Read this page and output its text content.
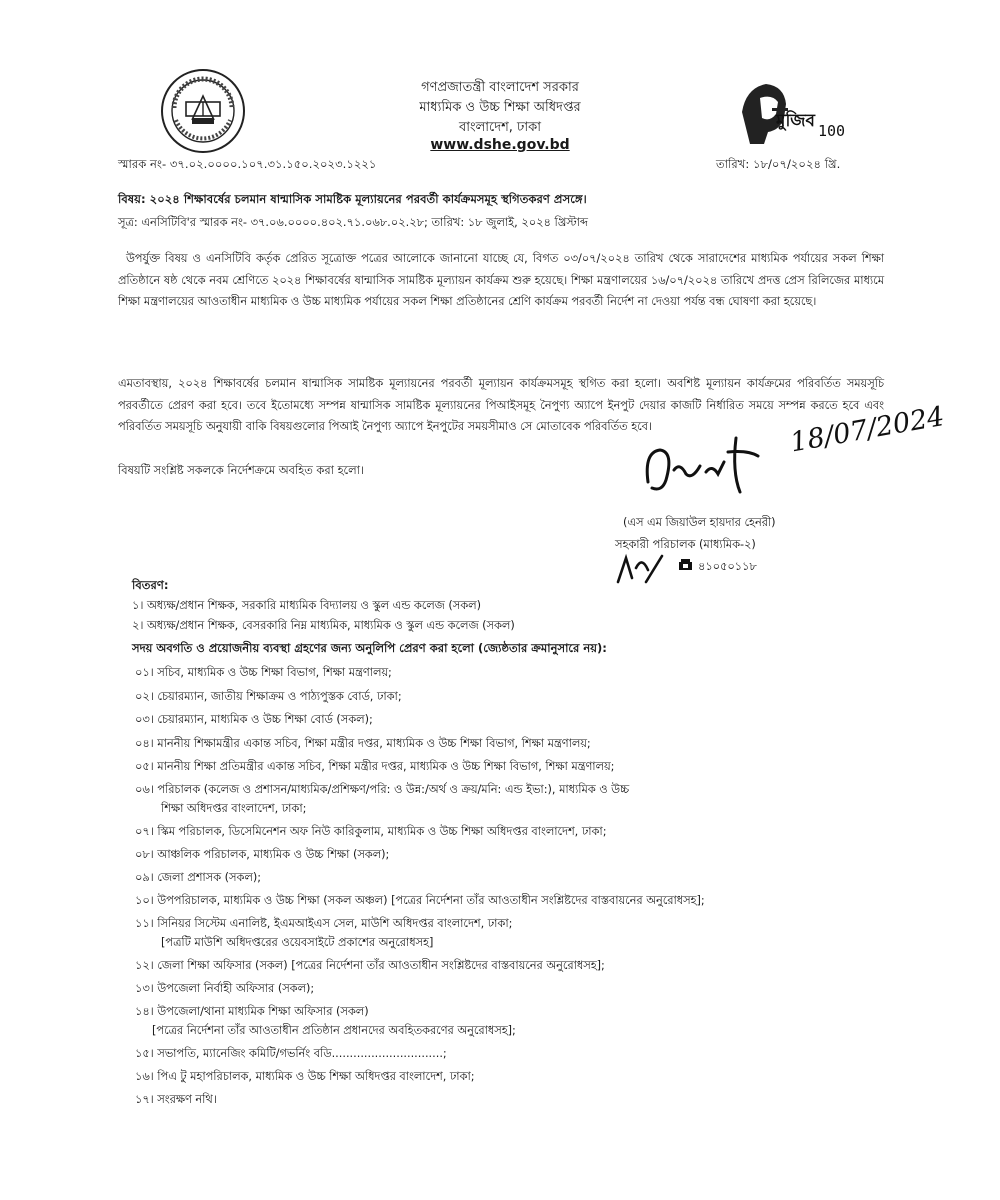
গণপ্রজাতন্ত্রী বাংলাদেশ সরকার
মাধ্যমিক ও উচ্চ শিক্ষা অধিদপ্তর
বাংলাদেশ, ঢাকা
www.dshe.gov.bd
মুজিব 100
স্মারক নং- ৩৭.০২.০০০০.১০৭.৩১.১৫০.২০২৩.১২২১	তারিখ: ১৮/০৭/২০২৪ খ্রি.
বিষয়: ২০২৪ শিক্ষাবর্ষের চলমান ষান্মাসিক সামষ্টিক মূল্যায়নের পরবর্তী কার্যক্রমসমূহ স্থগিতকরণ প্রসঙ্গে।
সূত্র: এনসিটিবি'র স্মারক নং- ৩৭.০৬.০০০০.৪০২.৭১.০৬৮.০২.২৮; তারিখ: ১৮ জুলাই, ২০২৪ খ্রিস্টাব্দ
উপর্যুক্ত বিষয় ও এনসিটিবি কর্তৃক প্রেরিত সূত্রোক্ত পত্রের আলোকে জানানো যাচ্ছে যে, বিগত ০৩/০৭/২০২৪ তারিখ থেকে সারাদেশের মাধ্যমিক পর্যায়ের সকল শিক্ষা প্রতিষ্ঠানে ষষ্ঠ থেকে নবম শ্রেণিতে ২০২৪ শিক্ষাবর্ষের ষান্মাসিক সামষ্টিক মূল্যায়ন কার্যক্রম শুরু হয়েছে। শিক্ষা মন্ত্রণালয়ের ১৬/০৭/২০২৪ তারিখে প্রদত্ত প্রেস রিলিজের মাধ্যমে শিক্ষা মন্ত্রণালয়ের আওতাধীন মাধ্যমিক ও উচ্চ মাধ্যমিক পর্যায়ের সকল শিক্ষা প্রতিষ্ঠানের শ্রেণি কার্যক্রম পরবর্তী নির্দেশ না দেওয়া পর্যন্ত বন্ধ ঘোষণা করা হয়েছে।
এমতাবস্থায়, ২০২৪ শিক্ষাবর্ষের চলমান ষান্মাসিক সামষ্টিক মূল্যায়নের পরবর্তী মূল্যায়ন কার্যক্রমসমূহ স্থগিত করা হলো। অবশিষ্ট মূল্যায়ন কার্যক্রমের পরিবর্তিত সময়সূচি পরবর্তীতে প্রেরণ করা হবে। তবে ইতোমধ্যে সম্পন্ন ষান্মাসিক সামষ্টিক মূল্যায়নের পিআইসমূহ নৈপুণ্য অ্যাপে ইনপুট দেয়ার কাজটি নির্ধারিত সময়ে সম্পন্ন করতে হবে এবং পরিবর্তিত সময়সূচি অনুযায়ী বাকি বিষয়গুলোর পিআই নৈপুণ্য অ্যাপে ইনপুটের সময়সীমাও সে মোতাবেক পরিবর্তিত হবে।
বিষয়টি সংশ্লিষ্ট সকলকে নির্দেশক্রমে অবহিত করা হলো।
18/07/2024
(এস এম জিয়াউল হায়দার হেনরী)
সহকারী পরিচালক (মাধ্যমিক-২)
৪১০৫০১১৮
বিতরণ:
১। অধ্যক্ষ/প্রধান শিক্ষক, সরকারি মাধ্যমিক বিদ্যালয় ও স্কুল এন্ড কলেজ (সকল)
২। অধ্যক্ষ/প্রধান শিক্ষক, বেসরকারি নিম্ন মাধ্যমিক, মাধ্যমিক ও স্কুল এন্ড কলেজ (সকল)
সদয় অবগতি ও প্রয়োজনীয় ব্যবস্থা গ্রহণের জন্য অনুলিপি প্রেরণ করা হলো (জ্যেষ্ঠতার ক্রমানুসারে নয়):
০১। সচিব, মাধ্যমিক ও উচ্চ শিক্ষা বিভাগ, শিক্ষা মন্ত্রণালয়;
০২। চেয়ারম্যান, জাতীয় শিক্ষাক্রম ও পাঠ্যপুস্তক বোর্ড, ঢাকা;
০৩। চেয়ারম্যান, মাধ্যমিক ও উচ্চ শিক্ষা বোর্ড (সকল);
০৪। মাননীয় শিক্ষামন্ত্রীর একান্ত সচিব, শিক্ষা মন্ত্রীর দপ্তর, মাধ্যমিক ও উচ্চ শিক্ষা বিভাগ, শিক্ষা মন্ত্রণালয়;
০৫। মাননীয় শিক্ষা প্রতিমন্ত্রীর একান্ত সচিব, শিক্ষা মন্ত্রীর দপ্তর, মাধ্যমিক ও উচ্চ শিক্ষা বিভাগ, শিক্ষা মন্ত্রণালয়;
০৬। পরিচালক (কলেজ ও প্রশাসন/মাধ্যমিক/প্রশিক্ষণ/পরি: ও উন্ন:/অর্থ ও ক্রয়/মনি: এন্ড ইভা:), মাধ্যমিক ও উচ্চ
শিক্ষা অধিদপ্তর বাংলাদেশ, ঢাকা;
০৭। স্কিম পরিচালক, ডিসেমিনেশন অফ নিউ কারিকুলাম, মাধ্যমিক ও উচ্চ শিক্ষা অধিদপ্তর বাংলাদেশ, ঢাকা;
০৮। আঞ্চলিক পরিচালক, মাধ্যমিক ও উচ্চ শিক্ষা (সকল);
০৯। জেলা প্রশাসক (সকল);
১০। উপপরিচালক, মাধ্যমিক ও উচ্চ শিক্ষা (সকল অঞ্চল) [পত্রের নির্দেশনা তাঁর আওতাধীন সংশ্লিষ্টদের বাস্তবায়নের অনুরোধসহ];
১১। সিনিয়র সিস্টেম এনালিষ্ট, ইএমআইএস সেল, মাউশি অধিদপ্তর বাংলাদেশ, ঢাকা;
[পত্রটি মাউশি অধিদপ্তরের ওয়েবসাইটে প্রকাশের অনুরোধসহ]
১২। জেলা শিক্ষা অফিসার (সকল) [পত্রের নির্দেশনা তাঁর আওতাধীন সংশ্লিষ্টদের বাস্তবায়নের অনুরোধসহ];
১৩। উপজেলা নির্বাহী অফিসার (সকল);
১৪। উপজেলা/থানা মাধ্যমিক শিক্ষা অফিসার (সকল)
[পত্রের নির্দেশনা তাঁর আওতাধীন প্রতিষ্ঠান প্রধানদের অবহিতকরণের অনুরোধসহ];
১৫। সভাপতি, ম্যানেজিং কমিটি/গভর্নিং বডি...............................;
১৬। পিএ টু মহাপরিচালক, মাধ্যমিক ও উচ্চ শিক্ষা অধিদপ্তর বাংলাদেশ, ঢাকা;
১৭। সংরক্ষণ নথি।
